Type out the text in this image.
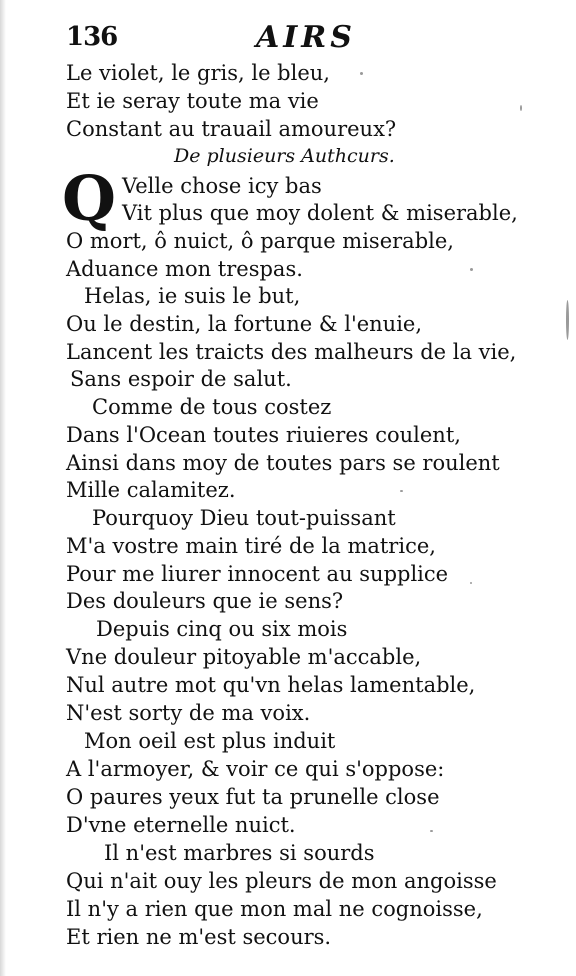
136	AIRS
Le violet, le gris, le bleu,
Et ie seray toute ma vie
Constant au trauail amoureux?
De plusieurs Authcurs.
Q Velle chose icy bas
Vit plus que moy dolent & miserable,
O mort, ô nuict, ô parque miserable,
Aduance mon trespas.
Helas, ie suis le but,
Ou le destin, la fortune & l'enuie,
Lancent les traicts des malheurs de la vie,
Sans espoir de salut.
Comme de tous costez
Dans l'Ocean toutes riuieres coulent,
Ainsi dans moy de toutes pars se roulent
Mille calamitez.
Pourquoy Dieu tout-puissant
M'a vostre main tiré de la matrice,
Pour me liurer innocent au supplice
Des douleurs que ie sens?
Depuis cinq ou six mois
Vne douleur pitoyable m'accable,
Nul autre mot qu'vn helas lamentable,
N'est sorty de ma voix.
Mon oeil est plus induit
A l'armoyer, & voir ce qui s'oppose:
O paures yeux fut ta prunelle close
D'vne eternelle nuict.
Il n'est marbres si sourds
Qui n'ait ouy les pleurs de mon angoisse
Il n'y a rien que mon mal ne cognoisse,
Et rien ne m'est secours.
